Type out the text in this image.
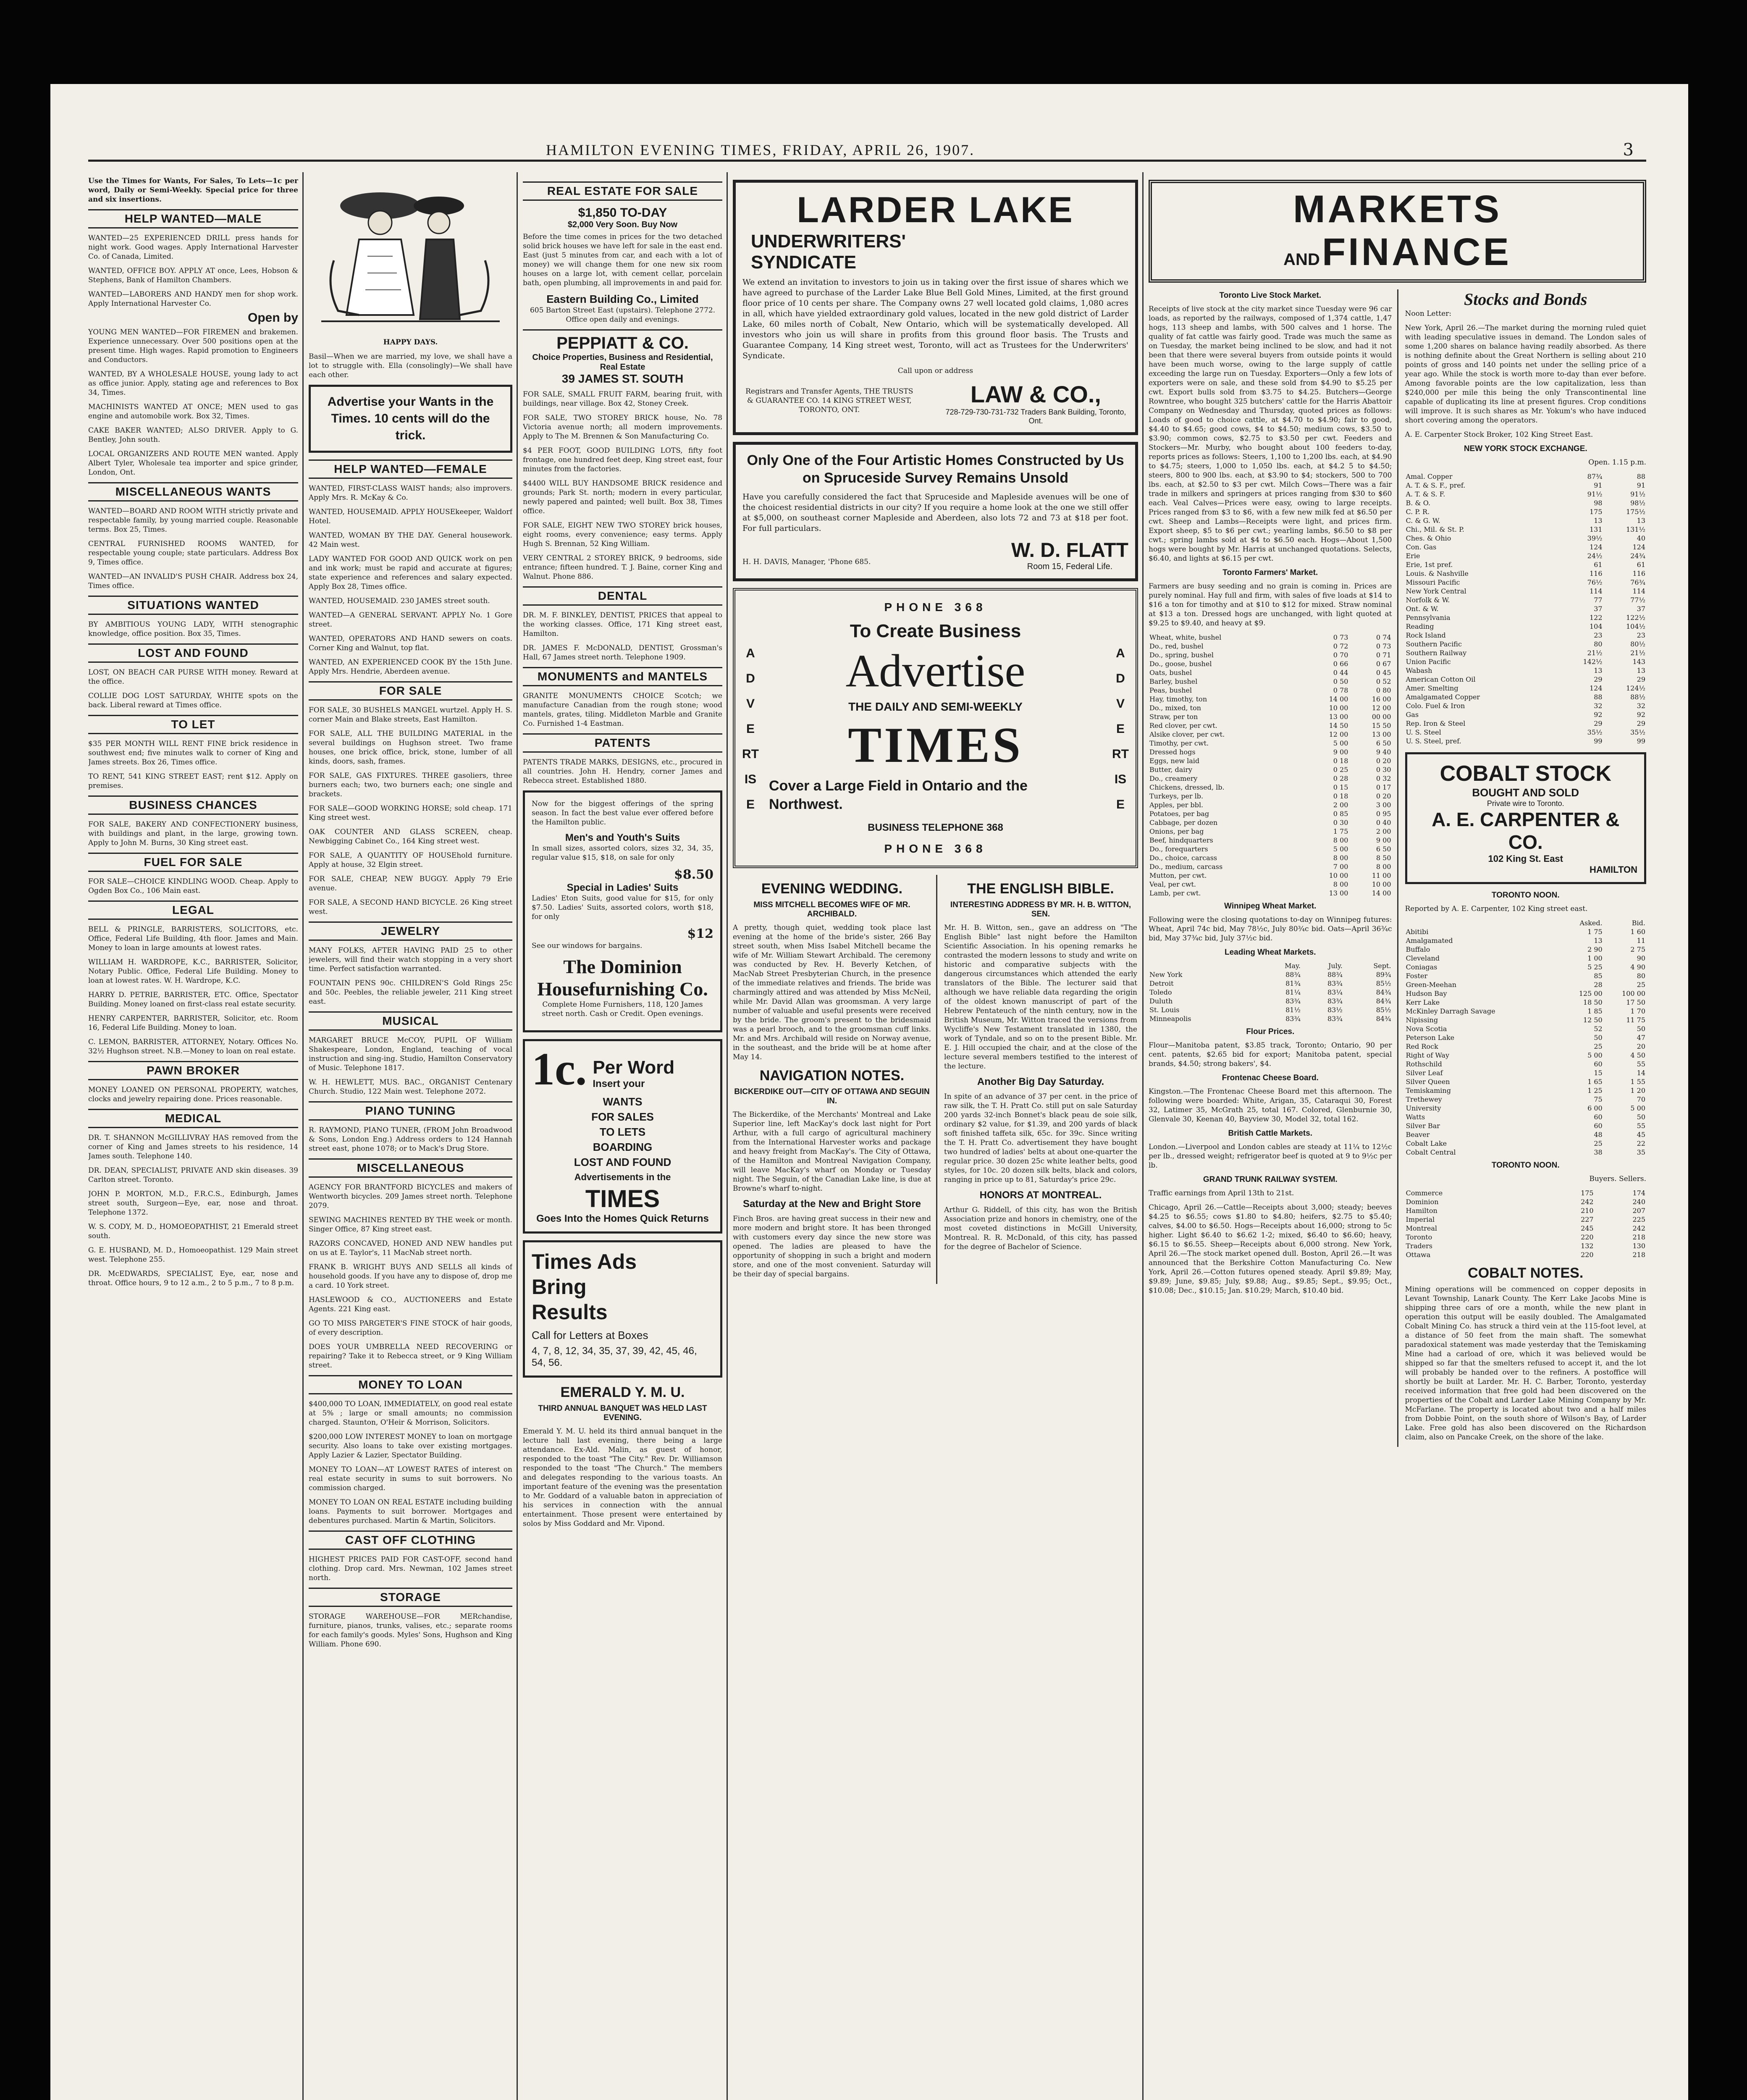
HAMILTON EVENING TIMES, FRIDAY, APRIL 26, 1907.	3

Use the Times for Wants, For Sales, To Lets—1c per word, Daily or Semi-Weekly. Special price for three and six insertions.

HELP WANTED—MALE

WANTED—25 EXPERIENCED DRILL press hands for night work. Good wages. Apply International Harvester Co. of Canada, Limited.

WANTED, OFFICE BOY. APPLY AT once, Lees, Hobson & Stephens, Bank of Hamilton Chambers.

WANTED—LABORERS AND HANDY men for shop work. Apply International Harvester Co.

Open by

YOUNG MEN WANTED—FOR FIREMEN and brakemen. Experience unnecessary. Over 500 positions open at the present time. High wages. Rapid promotion to Engineers and Conductors.

WANTED, BY A WHOLESALE HOUSE, young lady to act as office junior. Apply, stating age and references to Box 34, Times.

MACHINISTS WANTED AT ONCE; MEN used to gas engine and automobile work. Box 32, Times.

CAKE BAKER WANTED; ALSO DRIVER. Apply to G. Bentley, John south.

LOCAL ORGANIZERS AND ROUTE MEN wanted. Apply Albert Tyler, Wholesale tea importer and spice grinder, London, Ont.

MISCELLANEOUS WANTS

WANTED—BOARD AND ROOM WITH strictly private and respectable family, by young married couple. Reasonable terms. Box 25, Times.

CENTRAL FURNISHED ROOMS WANTED, for respectable young couple; state particulars. Address Box 9, Times office.

WANTED—AN INVALID'S PUSH CHAIR. Address box 24, Times office.

SITUATIONS WANTED

BY AMBITIOUS YOUNG LADY, WITH stenographic knowledge, office position. Box 35, Times.

LOST AND FOUND

LOST, ON BEACH CAR PURSE WITH money. Reward at the office.

COLLIE DOG LOST SATURDAY, WHITE spots on the back. Liberal reward at Times office.

TO LET

$35 PER MONTH WILL RENT FINE brick residence in southwest end; five minutes walk to corner of King and James streets. Box 26, Times office.

TO RENT, 541 KING STREET EAST; rent $12. Apply on premises.

BUSINESS CHANCES

FOR SALE, BAKERY AND CONFECTIONERY business, with buildings and plant, in the large, growing town. Apply to John M. Burns, 30 King street east.

FUEL FOR SALE

FOR SALE—CHOICE KINDLING WOOD. Cheap. Apply to Ogden Box Co., 106 Main east.

LEGAL

BELL & PRINGLE, BARRISTERS, SOLICITORS, etc. Office, Federal Life Building, 4th floor. James and Main. Money to loan in large amounts at lowest rates.

WILLIAM H. WARDROPE, K.C., BARRISTER, Solicitor, Notary Public. Office, Federal Life Building. Money to loan at lowest rates. W. H. Wardrope, K.C.

HARRY D. PETRIE, BARRISTER, ETC. Office, Spectator Building. Money loaned on first-class real estate security.

HENRY CARPENTER, BARRISTER, Solicitor, etc. Room 16, Federal Life Building. Money to loan.

C. LEMON, BARRISTER, ATTORNEY, Notary. Offices No. 32½ Hughson street. N.B.—Money to loan on real estate.

PAWN BROKER

MONEY LOANED ON PERSONAL PROPERTY, watches, clocks and jewelry repairing done. Prices reasonable.

MEDICAL

DR. T. SHANNON McGILLIVRAY HAS removed from the corner of King and James streets to his residence, 14 James south. Telephone 140.

DR. DEAN, SPECIALIST, PRIVATE AND skin diseases. 39 Carlton street. Toronto.

JOHN P. MORTON, M.D., F.R.C.S., Edinburgh, James street south, Surgeon—Eye, ear, nose and throat. Telephone 1372.

W. S. CODY, M. D., HOMOEOPATHIST, 21 Emerald street south.

G. E. HUSBAND, M. D., Homoeopathist. 129 Main street west. Telephone 255.

DR. McEDWARDS, SPECIALIST, Eye, ear, nose and throat. Office hours, 9 to 12 a.m., 2 to 5 p.m., 7 to 8 p.m.

HAPPY DAYS.

Basil—When we are married, my love, we shall have a lot to struggle with. Ella (consolingly)—We shall have each other.

Advertise your Wants in the Times. 10 cents will do the trick.

HELP WANTED—FEMALE

WANTED, FIRST-CLASS WAIST hands; also improvers. Apply Mrs. R. McKay & Co.

WANTED, HOUSEMAID. APPLY HOUSEkeeper, Waldorf Hotel.

WANTED, WOMAN BY THE DAY. General housework. 42 Main west.

LADY WANTED FOR GOOD AND QUICK work on pen and ink work; must be rapid and accurate at figures; state experience and references and salary expected. Apply Box 28, Times office.

WANTED, HOUSEMAID. 230 JAMES street south.

WANTED—A GENERAL SERVANT. APPLY No. 1 Gore street.

WANTED, OPERATORS AND HAND sewers on coats. Corner King and Walnut, top flat.

WANTED, AN EXPERIENCED COOK BY the 15th June. Apply Mrs. Hendrie, Aberdeen avenue.

FOR SALE

FOR SALE, 30 BUSHELS MANGEL wurtzel. Apply H. S. corner Main and Blake streets, East Hamilton.

FOR SALE, ALL THE BUILDING MATERIAL in the several buildings on Hughson street. Two frame houses, one brick office, brick, stone, lumber of all kinds, doors, sash, frames.

FOR SALE, GAS FIXTURES. THREE gasoliers, three burners each; two, two burners each; one single and brackets.

FOR SALE—GOOD WORKING HORSE; sold cheap. 171 King street west.

OAK COUNTER AND GLASS SCREEN, cheap. Newbigging Cabinet Co., 164 King street west.

FOR SALE, A QUANTITY OF HOUSEhold furniture. Apply at house, 32 Elgin street.

FOR SALE, CHEAP, NEW BUGGY. Apply 79 Erie avenue.

FOR SALE, A SECOND HAND BICYCLE. 26 King street west.

JEWELRY

MANY FOLKS, AFTER HAVING PAID 25 to other jewelers, will find their watch stopping in a very short time. Perfect satisfaction warranted.

FOUNTAIN PENS 90c. CHILDREN'S Gold Rings 25c and 50c. Peebles, the reliable jeweler, 211 King street east.

MUSICAL

MARGARET BRUCE McCOY, PUPIL OF William Shakespeare, London, England, teaching of vocal instruction and sing-ing. Studio, Hamilton Conservatory of Music. Telephone 1817.

W. H. HEWLETT, MUS. BAC., ORGANIST Centenary Church. Studio, 122 Main west. Telephone 2072.

PIANO TUNING

R. RAYMOND, PIANO TUNER, (FROM John Broadwood & Sons, London Eng.) Address orders to 124 Hannah street east, phone 1078; or to Mack's Drug Store.

MISCELLANEOUS

AGENCY FOR BRANTFORD BICYCLES and makers of Wentworth bicycles. 209 James street north. Telephone 2079.

SEWING MACHINES RENTED BY THE week or month. Singer Office, 87 King street east.

RAZORS CONCAVED, HONED AND NEW handles put on us at E. Taylor's, 11 MacNab street north.

FRANK B. WRIGHT BUYS AND SELLS all kinds of household goods. If you have any to dispose of, drop me a card. 10 York street.

HASLEWOOD & CO., AUCTIONEERS and Estate Agents. 221 King east.

GO TO MISS PARGETER'S FINE STOCK of hair goods, of every description.

DOES YOUR UMBRELLA NEED RECOVERING or repairing? Take it to Rebecca street, or 9 King William street.

MONEY TO LOAN

$400,000 TO LOAN, IMMEDIATELY, on good real estate at 5% ; large or small amounts; no commission charged. Staunton, O'Heir & Morrison, Solicitors.

$200,000 LOW INTEREST MONEY to loan on mortgage security. Also loans to take over existing mortgages. Apply Lazier & Lazier, Spectator Building.

MONEY TO LOAN—AT LOWEST RATES of interest on real estate security in sums to suit borrowers. No commission charged.

MONEY TO LOAN ON REAL ESTATE including building loans. Payments to suit borrower. Mortgages and debentures purchased. Martin & Martin, Solicitors.

CAST OFF CLOTHING

HIGHEST PRICES PAID FOR CAST-OFF, second hand clothing. Drop card. Mrs. Newman, 102 James street north.

STORAGE

STORAGE WAREHOUSE—FOR MERchandise, furniture, pianos, trunks, valises, etc.; separate rooms for each family's goods. Myles' Sons, Hughson and King William. Phone 690.

REAL ESTATE FOR SALE
$1,850 TO-DAY
$2,000 Very Soon. Buy Now

Before the time comes in prices for the two detached solid brick houses we have left for sale in the east end. East (just 5 minutes from car, and each with a lot of money) we will change them for one new six room houses on a large lot, with cement cellar, porcelain bath, open plumbing, all improvements in and paid for.

Eastern Building Co., Limited

605 Barton Street East (upstairs). Telephone 2772. Office open daily and evenings.

PEPPIATT & CO.
Choice Properties, Business and Residential, Real Estate
39 JAMES ST. SOUTH

FOR SALE, SMALL FRUIT FARM, bearing fruit, with buildings, near village. Box 42, Stoney Creek.

FOR SALE, TWO STOREY BRICK house, No. 78 Victoria avenue north; all modern improvements. Apply to The M. Brennen & Son Manufacturing Co.

$4 PER FOOT, GOOD BUILDING LOTS, fifty foot frontage, one hundred feet deep, King street east, four minutes from the factories.

$4400 WILL BUY HANDSOME BRICK residence and grounds; Park St. north; modern in every particular, newly papered and painted; well built. Box 38, Times office.

FOR SALE, EIGHT NEW TWO STOREY brick houses, eight rooms, every convenience; easy terms. Apply Hugh S. Brennan, 52 King William.

VERY CENTRAL 2 STOREY BRICK, 9 bedrooms, side entrance; fifteen hundred. T. J. Baine, corner King and Walnut. Phone 886.

DENTAL

DR. M. F. BINKLEY, DENTIST, PRICES that appeal to the working classes. Office, 171 King street east, Hamilton.

DR. JAMES F. McDONALD, DENTIST, Grossman's Hall, 67 James street north. Telephone 1909.

MONUMENTS and MANTELS

GRANITE MONUMENTS CHOICE Scotch; we manufacture Canadian from the rough stone; wood mantels, grates, tiling. Middleton Marble and Granite Co. Furnished 1-4 Eastman.

PATENTS

PATENTS TRADE MARKS, DESIGNS, etc., procured in all countries. John H. Hendry, corner James and Rebecca street. Established 1880.

Now for the biggest offerings of the spring season. In fact the best value ever offered before the Hamilton public.

Men's and Youth's Suits

In small sizes, assorted colors, sizes 32, 34, 35, regular value $15, $18, on sale for only

$8.50
Special in Ladies' Suits

Ladies' Eton Suits, good value for $15, for only $7.50. Ladies' Suits, assorted colors, worth $18, for only

$12

See our windows for bargains.

The Dominion
Housefurnishing Co.

Complete Home Furnishers, 118, 120 James street north. Cash or Credit. Open evenings.

1c. Per Word
Insert your
WANTS
FOR SALES
TO LETS
BOARDING
LOST AND FOUND
Advertisements in the
TIMES
Goes Into the Homes Quick Returns
Times Ads
Bring
Results
Call for Letters at Boxes
4, 7, 8, 12, 34, 35, 37, 39, 42, 45, 46, 54, 56.
EMERALD Y. M. U.
THIRD ANNUAL BANQUET WAS HELD LAST EVENING.

Emerald Y. M. U. held its third annual banquet in the lecture hall last evening, there being a large attendance. Ex-Ald. Malin, as guest of honor, responded to the toast "The City." Rev. Dr. Williamson responded to the toast "The Church." The members and delegates responding to the various toasts. An important feature of the evening was the presentation to Mr. Goddard of a valuable baton in appreciation of his services in connection with the annual entertainment. Those present were entertained by solos by Miss Goddard and Mr. Vipond.

LARDER LAKE
UNDERWRITERS'
SYNDICATE

We extend an invitation to investors to join us in taking over the first issue of shares which we have agreed to purchase of the Larder Lake Blue Bell Gold Mines, Limited, at the first ground floor price of 10 cents per share. The Company owns 27 well located gold claims, 1,080 acres in all, which have yielded extraordinary gold values, located in the new gold district of Larder Lake, 60 miles north of Cobalt, New Ontario, which will be systematically developed. All investors who join us will share in profits from this ground floor basis. The Trusts and Guarantee Company, 14 King street west, Toronto, will act as Trustees for the Underwriters' Syndicate.

Call upon or address

Registrars and Transfer Agents, THE TRUSTS & GUARANTEE CO. 14 KING STREET WEST, TORONTO, ONT.

LAW & CO.,
728-729-730-731-732 Traders Bank Building, Toronto, Ont.
Only One of the Four Artistic Homes Constructed by Us on Spruceside Survey Remains Unsold

Have you carefully considered the fact that Spruceside and Mapleside avenues will be one of the choicest residential districts in our city? If you require a home look at the one we still offer at $5,000, on southeast corner Mapleside and Aberdeen, also lots 72 and 73 at $18 per foot. For full particulars.

H. H. DAVIS, Manager, 'Phone 685.
W. D. FLATT
Room 15, Federal Life.
PHONE 368
ADVERTISE
ADVERTISE
To Create Business
Advertise
THE DAILY AND SEMI-WEEKLY
TIMES
Cover a Large Field in Ontario and the Northwest.
BUSINESS TELEPHONE 368
PHONE 368
EVENING WEDDING.
MISS MITCHELL BECOMES WIFE OF MR. ARCHIBALD.

A pretty, though quiet, wedding took place last evening at the home of the bride's sister, 266 Bay street south, when Miss Isabel Mitchell became the wife of Mr. William Stewart Archibald. The ceremony was conducted by Rev. H. Beverly Ketchen, of MacNab Street Presbyterian Church, in the presence of the immediate relatives and friends. The bride was charmingly attired and was attended by Miss McNeil, while Mr. David Allan was groomsman. A very large number of valuable and useful presents were received by the bride. The groom's present to the bridesmaid was a pearl brooch, and to the groomsman cuff links. Mr. and Mrs. Archibald will reside on Norway avenue, in the southeast, and the bride will be at home after May 14.

NAVIGATION NOTES.
BICKERDIKE OUT—CITY OF OTTAWA AND SEGUIN IN.

The Bickerdike, of the Merchants' Montreal and Lake Superior line, left MacKay's dock last night for Port Arthur, with a full cargo of agricultural machinery from the International Harvester works and package and heavy freight from MacKay's. The City of Ottawa, of the Hamilton and Montreal Navigation Company, will leave MacKay's wharf on Monday or Tuesday night. The Seguin, of the Canadian Lake line, is due at Browne's wharf to-night.

Saturday at the New and Bright Store

Finch Bros. are having great success in their new and more modern and bright store. It has been thronged with customers every day since the new store was opened. The ladies are pleased to have the opportunity of shopping in such a bright and modern store, and one of the most convenient. Saturday will be their day of special bargains.

THE ENGLISH BIBLE.
INTERESTING ADDRESS BY MR. H. B. WITTON, SEN.

Mr. H. B. Witton, sen., gave an address on "The English Bible" last night before the Hamilton Scientific Association. In his opening remarks he contrasted the modern lessons to study and write on historic and comparative subjects with the dangerous circumstances which attended the early translators of the Bible. The lecturer said that although we have reliable data regarding the origin of the oldest known manuscript of part of the Hebrew Pentateuch of the ninth century, now in the British Museum, Mr. Witton traced the versions from Wycliffe's New Testament translated in 1380, the work of Tyndale, and so on to the present Bible. Mr. E. J. Hill occupied the chair, and at the close of the lecture several members testified to the interest of the lecture.

Another Big Day Saturday.

In spite of an advance of 37 per cent. in the price of raw silk, the T. H. Pratt Co. still put on sale Saturday 200 yards 32-inch Bonnet's black peau de soie silk, ordinary $2 value, for $1.39, and 200 yards of black soft finished taffeta silk, 65c. for 39c. Since writing the T. H. Pratt Co. advertisement they have bought two hundred of ladies' belts at about one-quarter the regular price. 30 dozen 25c white leather belts, good styles, for 10c. 20 dozen silk belts, black and colors, ranging in price up to 81, Saturday's price 29c.

HONORS AT MONTREAL.

Arthur G. Riddell, of this city, has won the British Association prize and honors in chemistry, one of the most coveted distinctions in McGill University, Montreal. R. R. McDonald, of this city, has passed for the degree of Bachelor of Science.

MARKETS
AND FINANCE
Toronto Live Stock Market.

Receipts of live stock at the city market since Tuesday were 96 car loads, as reported by the railways, composed of 1,374 cattle, 1,47 hogs, 113 sheep and lambs, with 500 calves and 1 horse. The quality of fat cattle was fairly good. Trade was much the same as on Tuesday, the market being inclined to be slow, and had it not been that there were several buyers from outside points it would have been much worse, owing to the large supply of cattle exceeding the large run on Tuesday. Exporters—Only a few lots of exporters were on sale, and these sold from $4.90 to $5.25 per cwt. Export bulls sold from $3.75 to $4.25. Butchers—George Rowntree, who bought 325 butchers' cattle for the Harris Abattoir Company on Wednesday and Thursday, quoted prices as follows: Loads of good to choice cattle, at $4.70 to $4.90; fair to good, $4.40 to $4.65; good cows, $4 to $4.50; medium cows, $3.50 to $3.90; common cows, $2.75 to $3.50 per cwt. Feeders and Stockers—Mr. Murby, who bought about 100 feeders to-day, reports prices as follows: Steers, 1,100 to 1,200 lbs. each, at $4.90 to $4.75; steers, 1,000 to 1,050 lbs. each, at $4.2 5 to $4.50; steers, 800 to 900 lbs. each, at $3.90 to $4; stockers, 500 to 700 lbs. each, at $2.50 to $3 per cwt. Milch Cows—There was a fair trade in milkers and springers at prices ranging from $30 to $60 each. Veal Calves—Prices were easy, owing to large receipts. Prices ranged from $3 to $6, with a few new milk fed at $6.50 per cwt. Sheep and Lambs—Receipts were light, and prices firm. Export sheep, $5 to $6 per cwt.; yearling lambs, $6.50 to $8 per cwt.; spring lambs sold at $4 to $6.50 each. Hogs—About 1,500 hogs were bought by Mr. Harris at unchanged quotations. Selects, $6.40, and lights at $6.15 per cwt.

Toronto Farmers' Market.

Farmers are busy seeding and no grain is coming in. Prices are purely nominal. Hay full and firm, with sales of five loads at $14 to $16 a ton for timothy and at $10 to $12 for mixed. Straw nominal at $13 a ton. Dressed hogs are unchanged, with light quoted at $9.25 to $9.40, and heavy at $9.

Wheat, white, bushel	0 73	0 74
Do., red, bushel	0 72	0 73
Do., spring, bushel	0 70	0 71
Do., goose, bushel	0 66	0 67
Oats, bushel	0 44	0 45
Barley, bushel	0 50	0 52
Peas, bushel	0 78	0 80
Hay, timothy, ton	14 00	16 00
Do., mixed, ton	10 00	12 00
Straw, per ton	13 00	00 00
Red clover, per cwt.	14 50	15 50
Alsike clover, per cwt.	12 00	13 00
Timothy, per cwt.	5 00	6 50
Dressed hogs	9 00	9 40
Eggs, new laid	0 18	0 20
Butter, dairy	0 25	0 30
Do., creamery	0 28	0 32
Chickens, dressed, lb.	0 15	0 17
Turkeys, per lb.	0 18	0 20
Apples, per bbl.	2 00	3 00
Potatoes, per bag	0 85	0 95
Cabbage, per dozen	0 30	0 40
Onions, per bag	1 75	2 00
Beef, hindquarters	8 00	9 00
Do., forequarters	5 00	6 50
Do., choice, carcass	8 00	8 50
Do., medium, carcass	7 00	8 00
Mutton, per cwt.	10 00	11 00
Veal, per cwt.	8 00	10 00
Lamb, per cwt.	13 00	14 00
Winnipeg Wheat Market.

Following were the closing quotations to-day on Winnipeg futures: Wheat, April 74c bid, May 78½c, July 80¾c bid. Oats—April 36¾c bid, May 37¾c bid, July 37½c bid.

Leading Wheat Markets.
	May.	July.	Sept.
New York	88¾	88¾	89¾
Detroit	81¾	83¾	85½
Toledo	81¼	83¼	84¾
Duluth	83¾	83¾	84¾
St. Louis	81½	83½	85½
Minneapolis	83¾	83¾	84¾
Flour Prices.

Flour—Manitoba patent, $3.85 track, Toronto; Ontario, 90 per cent. patents, $2.65 bid for export; Manitoba patent, special brands, $4.50; strong bakers', $4.

Frontenac Cheese Board.

Kingston.—The Frontenac Cheese Board met this afternoon. The following were boarded: White, Arigan, 35, Cataraqui 30, Forest 32, Latimer 35, McGrath 25, total 167. Colored, Glenburnie 30, Glenvale 30, Keenan 40, Bayview 30, Model 32, total 162.

British Cattle Markets.

London.—Liverpool and London cables are steady at 11¼ to 12½c per lb., dressed weight; refrigerator beef is quoted at 9 to 9½c per lb.

GRAND TRUNK RAILWAY SYSTEM.

Traffic earnings from April 13th to 21st.

Chicago, April 26.—Cattle—Receipts about 3,000; steady; beeves $4.25 to $6.55; cows $1.80 to $4.80; heifers, $2.75 to $5.40; calves, $4.00 to $6.50. Hogs—Receipts about 16,000; strong to 5c higher. Light $6.40 to $6.62 1-2; mixed, $6.40 to $6.60; heavy, $6.15 to $6.55. Sheep—Receipts about 6,000 strong. New York, April 26.—The stock market opened dull. Boston, April 26.—It was announced that the Berkshire Cotton Manufacturing Co. New York, April 26.—Cotton futures opened steady. April $9.89; May, $9.89; June, $9.85; July, $9.88; Aug., $9.85; Sept., $9.95; Oct., $10.08; Dec., $10.15; Jan. $10.29; March, $10.40 bid.

Stocks and Bonds

Noon Letter:

New York, April 26.—The market during the morning ruled quiet with leading speculative issues in demand. The London sales of some 1,200 shares on balance having readily absorbed. As there is nothing definite about the Great Northern is selling about 210 points of gross and 140 points net under the selling price of a year ago. While the stock is worth more to-day than ever before. Among favorable points are the low capitalization, less than $240,000 per mile this being the only Transcontinental line capable of duplicating its line at present figures. Crop conditions will improve. It is such shares as Mr. Yokum's who have induced short covering among the operators.

A. E. Carpenter Stock Broker, 102 King Street East.

NEW YORK STOCK EXCHANGE.
Open. 1.15 p.m.
Amal. Copper	87¾	88
A. T. & S. F., pref.	91	91
A. T. & S. F.	91½	91½
B. & O.	98	98½
C. P. R.	175	175½
C. & G. W.	13	13
Chi., Mil. & St. P.	131	131½
Ches. & Ohio	39½	40
Con. Gas	124	124
Erie	24½	24¾
Erie, 1st pref.	61	61
Louis. & Nashville	116	116
Missouri Pacific	76½	76¾
New York Central	114	114
Norfolk & W.	77	77½
Ont. & W.	37	37
Pennsylvania	122	122½
Reading	104	104½
Rock Island	23	23
Southern Pacific	80	80½
Southern Railway	21½	21½
Union Pacific	142½	143
Wabash	13	13
American Cotton Oil	29	29
Amer. Smelting	124	124½
Amalgamated Copper	88	88½
Colo. Fuel & Iron	32	32
Gas	92	92
Rep. Iron & Steel	29	29
U. S. Steel	35½	35½
U. S. Steel, pref.	99	99
COBALT STOCK
BOUGHT AND SOLD
Private wire to Toronto.
A. E. CARPENTER & CO.
102 King St. East
HAMILTON
TORONTO NOON.

Reported by A. E. Carpenter, 102 King street east.

	Asked.	Bid.
Abitibi	1 75	1 60
Amalgamated	13	11
Buffalo	2 90	2 75
Cleveland	1 00	90
Coniagas	5 25	4 90
Foster	85	80
Green-Meehan	28	25
Hudson Bay	125 00	100 00
Kerr Lake	18 50	17 50
McKinley Darragh Savage	1 85	1 70
Nipissing	12 50	11 75
Nova Scotia	52	50
Peterson Lake	50	47
Red Rock	25	20
Right of Way	5 00	4 50
Rothschild	60	55
Silver Leaf	15	14
Silver Queen	1 65	1 55
Temiskaming	1 25	1 20
Trethewey	75	70
University	6 00	5 00
Watts	60	50
Silver Bar	60	55
Beaver	48	45
Cobalt Lake	25	22
Cobalt Central	38	35
TORONTO NOON.
Buyers. Sellers.
Commerce	175	174
Dominion	242	240
Hamilton	210	207
Imperial	227	225
Montreal	245	242
Toronto	220	218
Traders	132	130
Ottawa	220	218
COBALT NOTES.

Mining operations will be commenced on copper deposits in Levant Township, Lanark County. The Kerr Lake Jacobs Mine is shipping three cars of ore a month, while the new plant in operation this output will be easily doubled. The Amalgamated Cobalt Mining Co. has struck a third vein at the 115-foot level, at a distance of 50 feet from the main shaft. The somewhat paradoxical statement was made yesterday that the Temiskaming Mine had a carload of ore, which it was believed would be shipped so far that the smelters refused to accept it, and the lot will probably be handed over to the refiners. A postoffice will shortly be built at Larder. Mr. H. C. Barber, Toronto, yesterday received information that free gold had been discovered on the properties of the Cobalt and Larder Lake Mining Company by Mr. McFarlane. The property is located about two and a half miles from Dobbie Point, on the south shore of Wilson's Bay, of Larder Lake. Free gold has also been discovered on the Richardson claim, also on Pancake Creek, on the shore of the lake.
